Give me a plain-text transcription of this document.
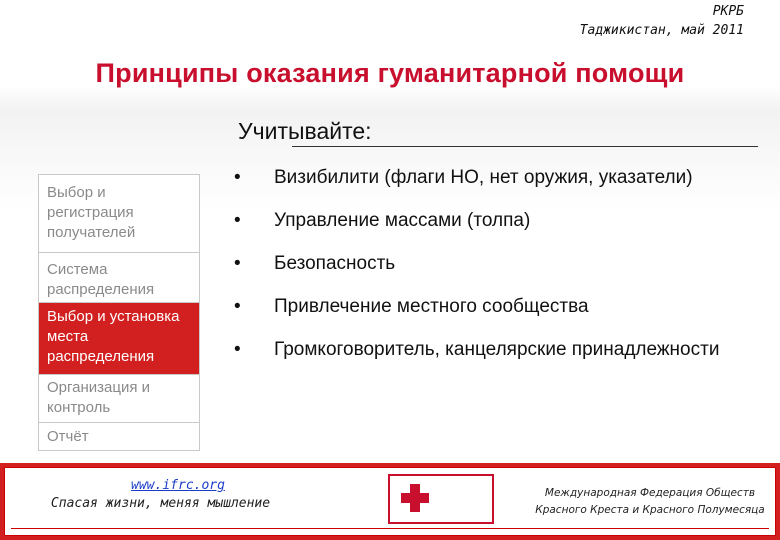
РКРБ
Таджикистан, май 2011
Принципы оказания гуманитарной помощи
Учитывайте:
Выбор и регистрация получателей
Система распределения
Выбор и установка места распределения
Организация и контроль
Отчёт
• Визибилити (флаги НО, нет оружия, указатели)
• Управление массами (толпа)
• Безопасность
• Привлечение местного сообщества
• Громкоговоритель, канцелярские принадлежности
www.ifrc.org
Спасая жизни, меняя мышление
Международная Федерация Обществ
Красного Креста и Красного Полумесяца
